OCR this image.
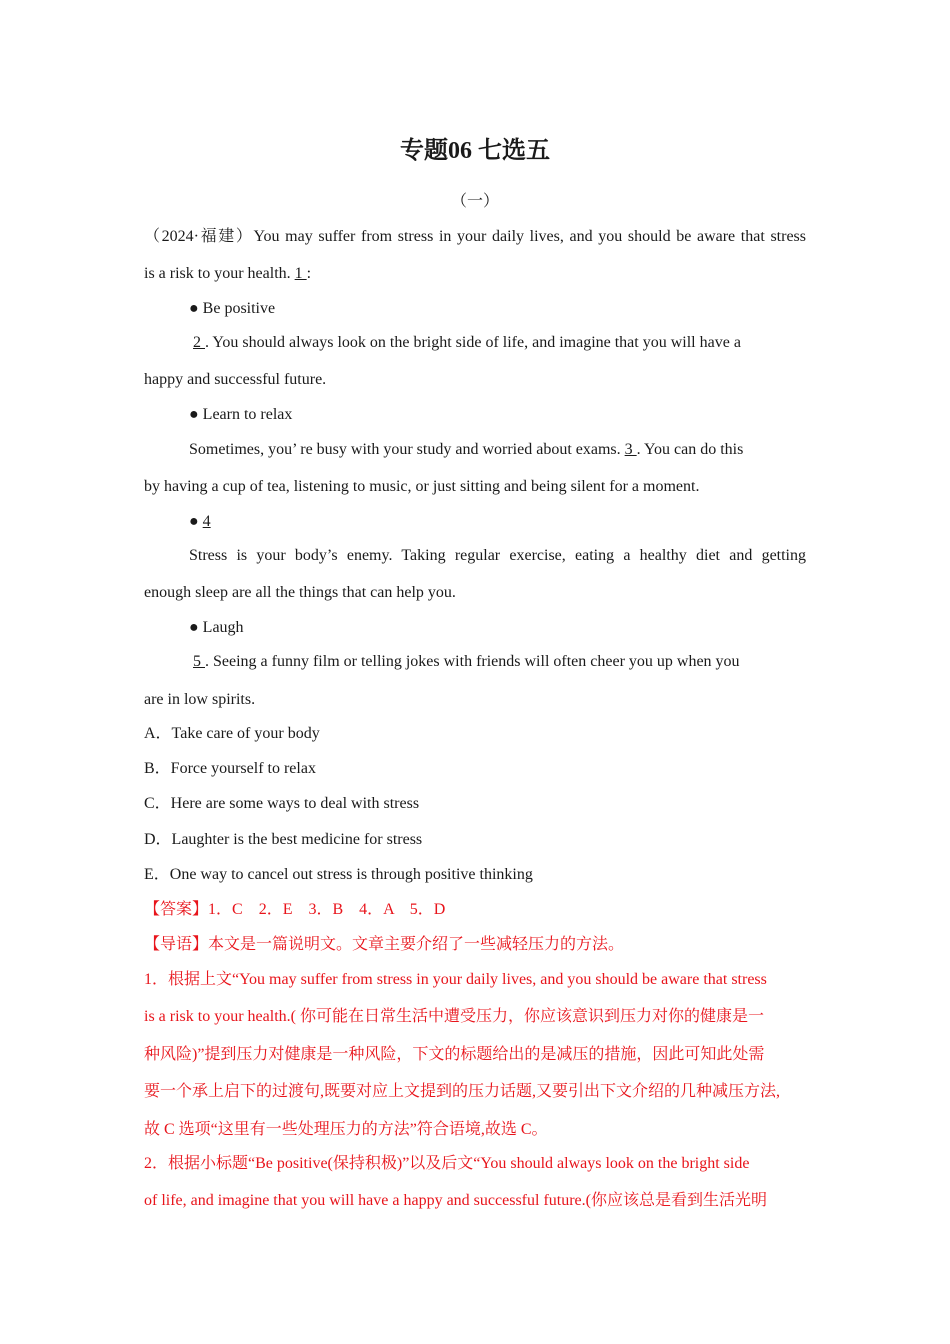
专题06 七选五
（一）
（2024·福建）You may suffer from stress in your daily lives, and you should be aware that stress
is a risk to your health. 1 :
● Be positive
2 . You should always look on the bright side of life, and imagine that you will have a
happy and successful future.
● Learn to relax
Sometimes, you’ re busy with your study and worried about exams. 3 . You can do this
by having a cup of tea, listening to music, or just sitting and being silent for a moment.
● 4
Stress is your body’s enemy. Taking regular exercise, eating a healthy diet and getting
enough sleep are all the things that can help you.
● Laugh
5 . Seeing a funny film or telling jokes with friends will often cheer you up when you
are in low spirits.
A．Take care of your body
B．Force yourself to relax
C．Here are some ways to deal with stress
D．Laughter is the best medicine for stress
E．One way to cancel out stress is through positive thinking
【答案】1．C　2．E　3．B　4．A　5．D
【导语】本文是一篇说明文。文章主要介绍了一些减轻压力的方法。
1．根据上文“You may suffer from stress in your daily lives, and you should be aware that stress
is a risk to your health.( 你可能在日常生活中遭受压力，你应该意识到压力对你的健康是一
种风险)”提到压力对健康是一种风险，下文的标题给出的是减压的措施，因此可知此处需
要一个承上启下的过渡句,既要对应上文提到的压力话题,又要引出下文介绍的几种减压方法,
故 C 选项“这里有一些处理压力的方法”符合语境,故选 C。
2．根据小标题“Be positive(保持积极)”以及后文“You should always look on the bright side
of life, and imagine that you will have a happy and successful future.(你应该总是看到生活光明
